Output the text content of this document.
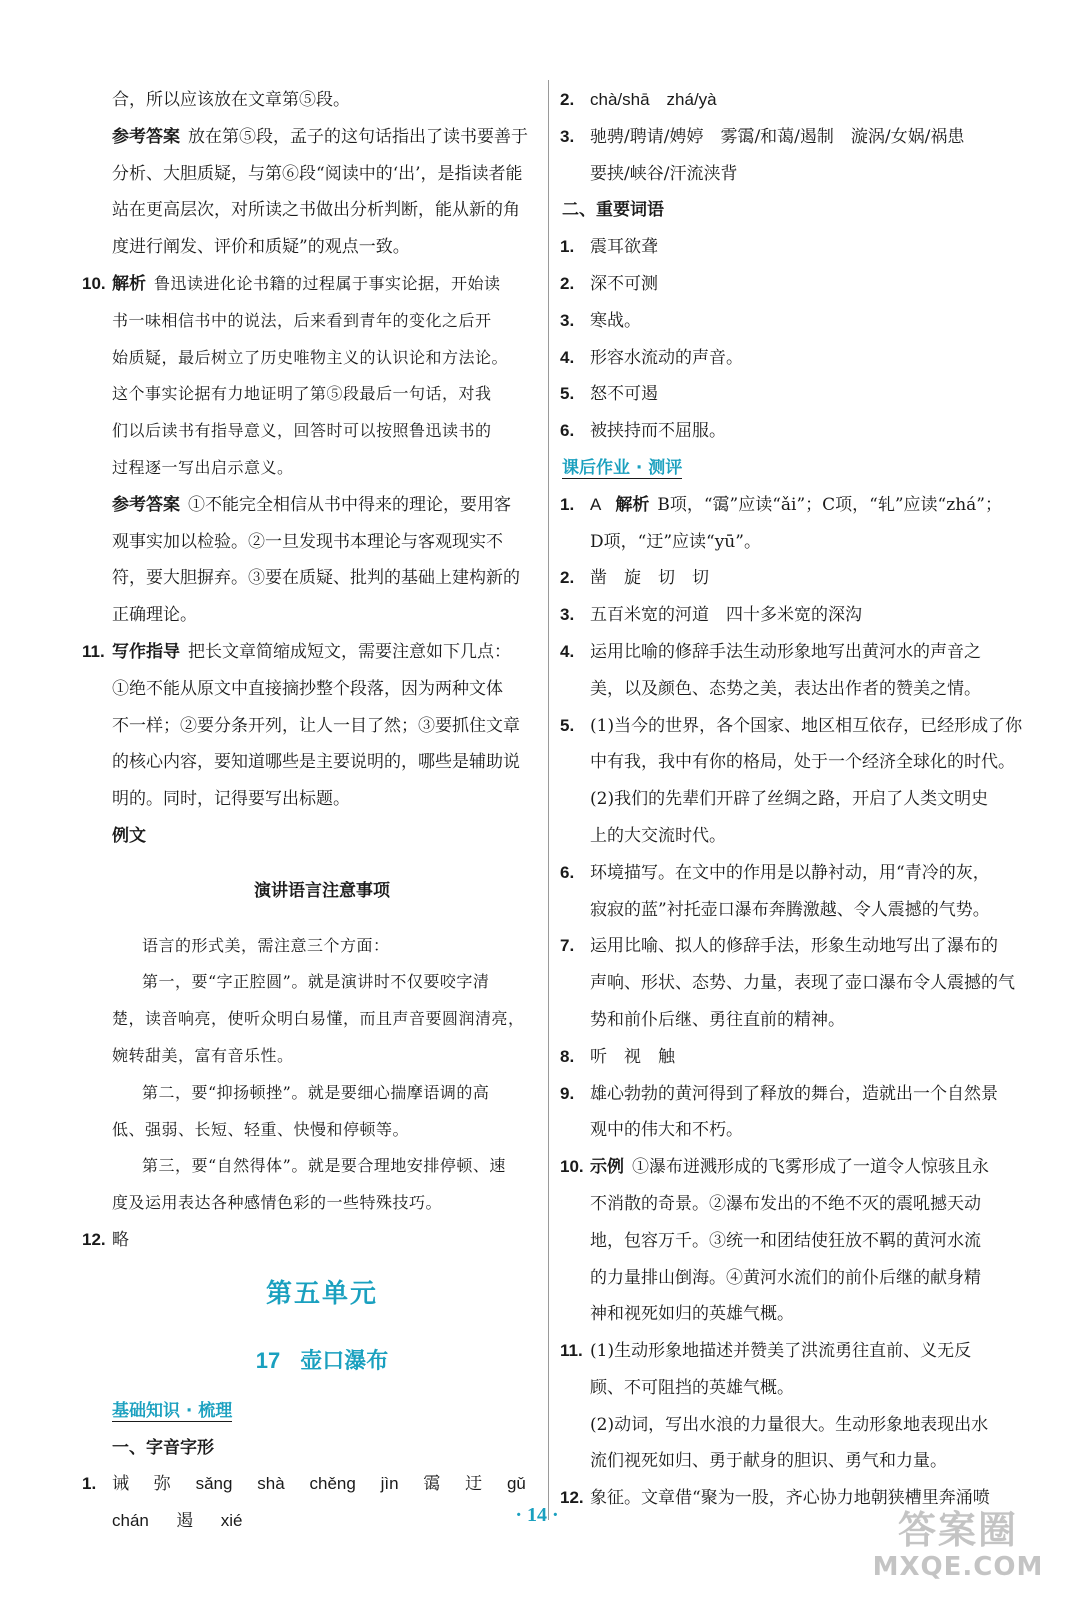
合，所以应该放在文章第⑤段。
参考答案 放在第⑤段，孟子的这句话指出了读书要善于
分析、大胆质疑，与第⑥段“阅读中的‘出’，是指读者能
站在更高层次，对所读之书做出分析判断，能从新的角
度进行阐发、评价和质疑”的观点一致。
10. 解析 鲁迅读进化论书籍的过程属于事实论据，开始读
书一味相信书中的说法，后来看到青年的变化之后开
始质疑，最后树立了历史唯物主义的认识论和方法论。
这个事实论据有力地证明了第⑤段最后一句话，对我
们以后读书有指导意义，回答时可以按照鲁迅读书的
过程逐一写出启示意义。
参考答案 ①不能完全相信从书中得来的理论，要用客
观事实加以检验。②一旦发现书本理论与客观现实不
符，要大胆摒弃。③要在质疑、批判的基础上建构新的
正确理论。
11. 写作指导 把长文章简缩成短文，需要注意如下几点：
①绝不能从原文中直接摘抄整个段落，因为两种文体
不一样；②要分条开列，让人一目了然；③要抓住文章
的核心内容，要知道哪些是主要说明的，哪些是辅助说
明的。同时，记得要写出标题。
例文
演讲语言注意事项
语言的形式美，需注意三个方面：
第一，要“字正腔圆”。就是演讲时不仅要咬字清
楚，读音响亮，使听众明白易懂，而且声音要圆润清亮，
婉转甜美，富有音乐性。
第二，要“抑扬顿挫”。就是要细心揣摩语调的高
低、强弱、长短、轻重、快慢和停顿等。
第三，要“自然得体”。就是要合理地安排停顿、速
度及运用表达各种感情色彩的一些特殊技巧。
12. 略
第五单元
17 壶口瀑布
基础知识 · 梳理
一、字音字形
1. 诫 弥 sǎng shà chěng jìn 霭 迂 gǔ
chán 遏 xié
2. chà/shā　zhá/yà
3. 驰骋/聘请/娉婷　雾霭/和蔼/遏制　漩涡/女娲/祸患
要挟/峡谷/汗流浃背
二、重要词语
1. 震耳欲聋
2. 深不可测
3. 寒战。
4. 形容水流动的声音。
5. 怒不可遏
6. 被挟持而不屈服。
课后作业 · 测评
1. A 解析 B项，“霭”应读“ǎi”；C项，“轧”应读“zhá”；
D项，“迂”应读“yū”。
2. 凿　旋　切　切
3. 五百米宽的河道　四十多米宽的深沟
4. 运用比喻的修辞手法生动形象地写出黄河水的声音之
美，以及颜色、态势之美，表达出作者的赞美之情。
5. (1)当今的世界，各个国家、地区相互依存，已经形成了你
中有我，我中有你的格局，处于一个经济全球化的时代。
(2)我们的先辈们开辟了丝绸之路，开启了人类文明史
上的大交流时代。
6. 环境描写。在文中的作用是以静衬动，用“青冷的灰，
寂寂的蓝”衬托壶口瀑布奔腾激越、令人震撼的气势。
7. 运用比喻、拟人的修辞手法，形象生动地写出了瀑布的
声响、形状、态势、力量，表现了壶口瀑布令人震撼的气
势和前仆后继、勇往直前的精神。
8. 听　视　触
9. 雄心勃勃的黄河得到了释放的舞台，造就出一个自然景
观中的伟大和不朽。
10. 示例 ①瀑布迸溅形成的飞雾形成了一道令人惊骇且永
不消散的奇景。②瀑布发出的不绝不灭的震吼撼天动
地，包容万千。③统一和团结使狂放不羁的黄河水流
的力量排山倒海。④黄河水流们的前仆后继的献身精
神和视死如归的英雄气概。
11. (1)生动形象地描述并赞美了洪流勇往直前、义无反
顾、不可阻挡的英雄气概。
(2)动词，写出水浪的力量很大。生动形象地表现出水
流们视死如归、勇于献身的胆识、勇气和力量。
12. 象征。文章借“聚为一股，齐心协力地朝狭槽里奔涌喷
· 14 ·	答案圈
MXQE.COM
